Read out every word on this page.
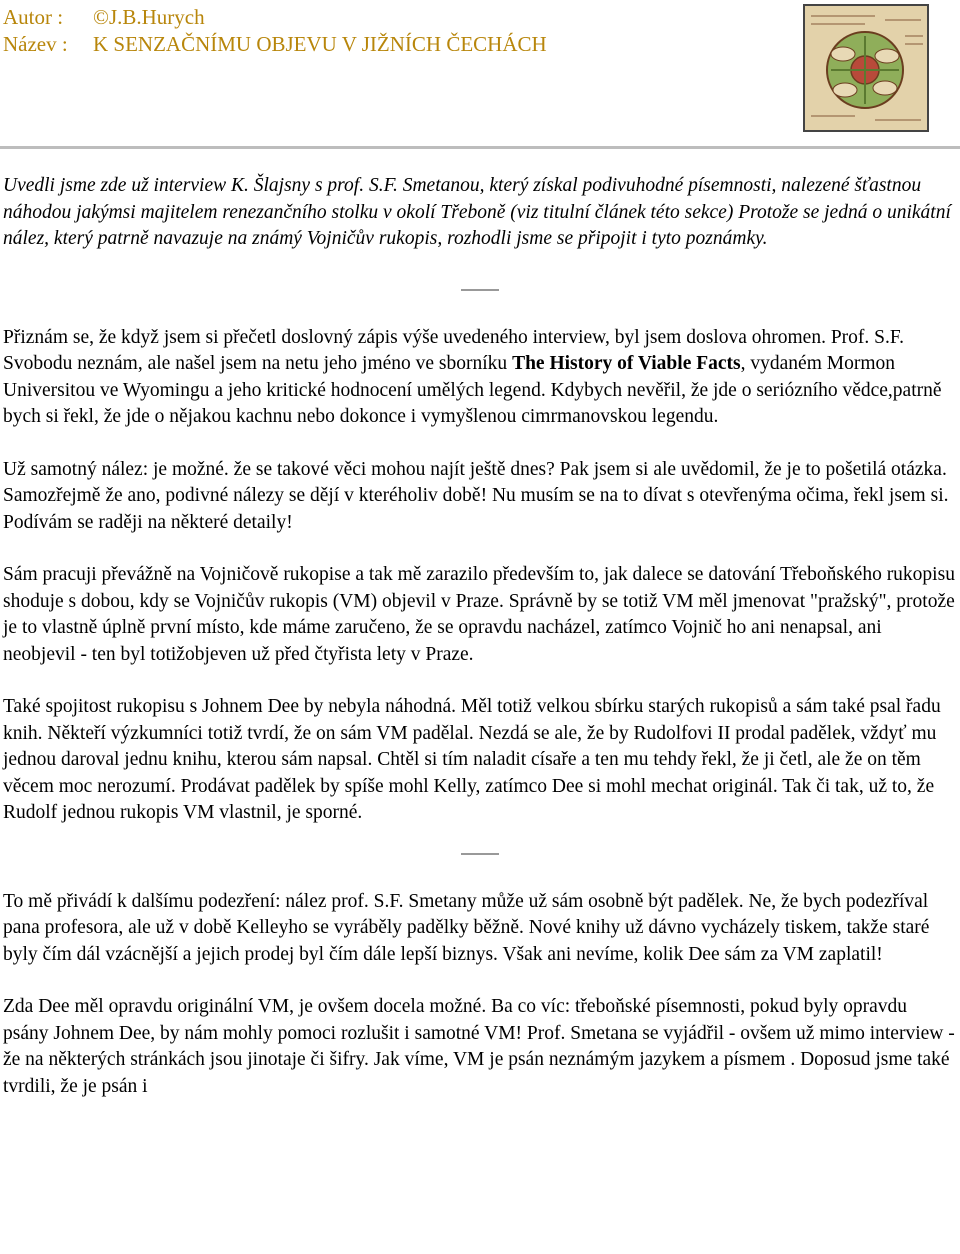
Autor : ©J.B.Hurych
Název : K SENZAČNÍMU OBJEVU V JIŽNÍCH ČECHÁCH

Uvedli jsme zde už interview K. Šlajsny s prof. S.F. Smetanou, který získal podivuhodné písemnosti, nalezené šťastnou náhodou jakýmsi majitelem renezančního stolku v okolí Třeboně (viz titulní článek této sekce) Protože se jedná o unikátní nález, který patrně navazuje na známý Vojničův rukopis, rozhodli jsme se připojit i tyto poznámky.

Přiznám se, že když jsem si přečetl doslovný zápis výše uvedeného interview, byl jsem doslova ohromen. Prof. S.F. Svobodu neznám, ale našel jsem na netu jeho jméno ve sborníku The History of Viable Facts, vydaném Mormon Universitou ve Wyomingu a jeho kritické hodnocení umělých legend. Kdybych nevěřil, že jde o seriózního vědce,patrně bych si řekl, že jde o nějakou kachnu nebo dokonce i vymyšlenou cimrmanovskou legendu.

Už samotný nález: je možné. že se takové věci mohou najít ještě dnes? Pak jsem si ale uvědomil, že je to pošetilá otázka. Samozřejmě že ano, podivné nálezy se dějí v kteréholiv době! Nu musím se na to dívat s otevřenýma očima, řekl jsem si. Podívám se raději na některé detaily!

Sám pracuji převážně na Vojničově rukopise a tak mě zarazilo především to, jak dalece se datování Třeboňského rukopisu shoduje s dobou, kdy se Vojničův rukopis (VM) objevil v Praze. Správně by se totiž VM měl jmenovat "pražský", protože je to vlastně úplně první místo, kde máme zaručeno, že se opravdu nacházel, zatímco Vojnič ho ani nenapsal, ani neobjevil - ten byl totižobjeven už před čtyřista lety v Praze.

Také spojitost rukopisu s Johnem Dee by nebyla náhodná. Měl totiž velkou sbírku starých rukopisů a sám také psal řadu knih. Někteří výzkumníci totiž tvrdí, že on sám VM padělal. Nezdá se ale, že by Rudolfovi II prodal padělek, vždyť mu jednou daroval jednu knihu, kterou sám napsal. Chtěl si tím naladit císaře a ten mu tehdy řekl, že ji četl, ale že on těm věcem moc nerozumí. Prodávat padělek by spíše mohl Kelly, zatímco Dee si mohl mechat originál. Tak či tak, už to, že Rudolf jednou rukopis VM vlastnil, je sporné.

To mě přivádí k dalšímu podezření: nález prof. S.F. Smetany může už sám osobně být padělek. Ne, že bych podezříval pana profesora, ale už v době Kelleyho se vyráběly padělky běžně. Nové knihy už dávno vycházely tiskem, takže staré byly čím dál vzácnější a jejich prodej byl čím dále lepší biznys. Však ani nevíme, kolik Dee sám za VM zaplatil!

Zda Dee měl opravdu originální VM, je ovšem docela možné. Ba co víc: třeboňské písemnosti, pokud byly opravdu psány Johnem Dee, by nám mohly pomoci rozlušit i samotné VM! Prof. Smetana se vyjádřil - ovšem už mimo interview - že na některých stránkách jsou jinotaje či šifry. Jak víme, VM je psán neznámým jazykem a písmem . Doposud jsme také tvrdili, že je psán i
